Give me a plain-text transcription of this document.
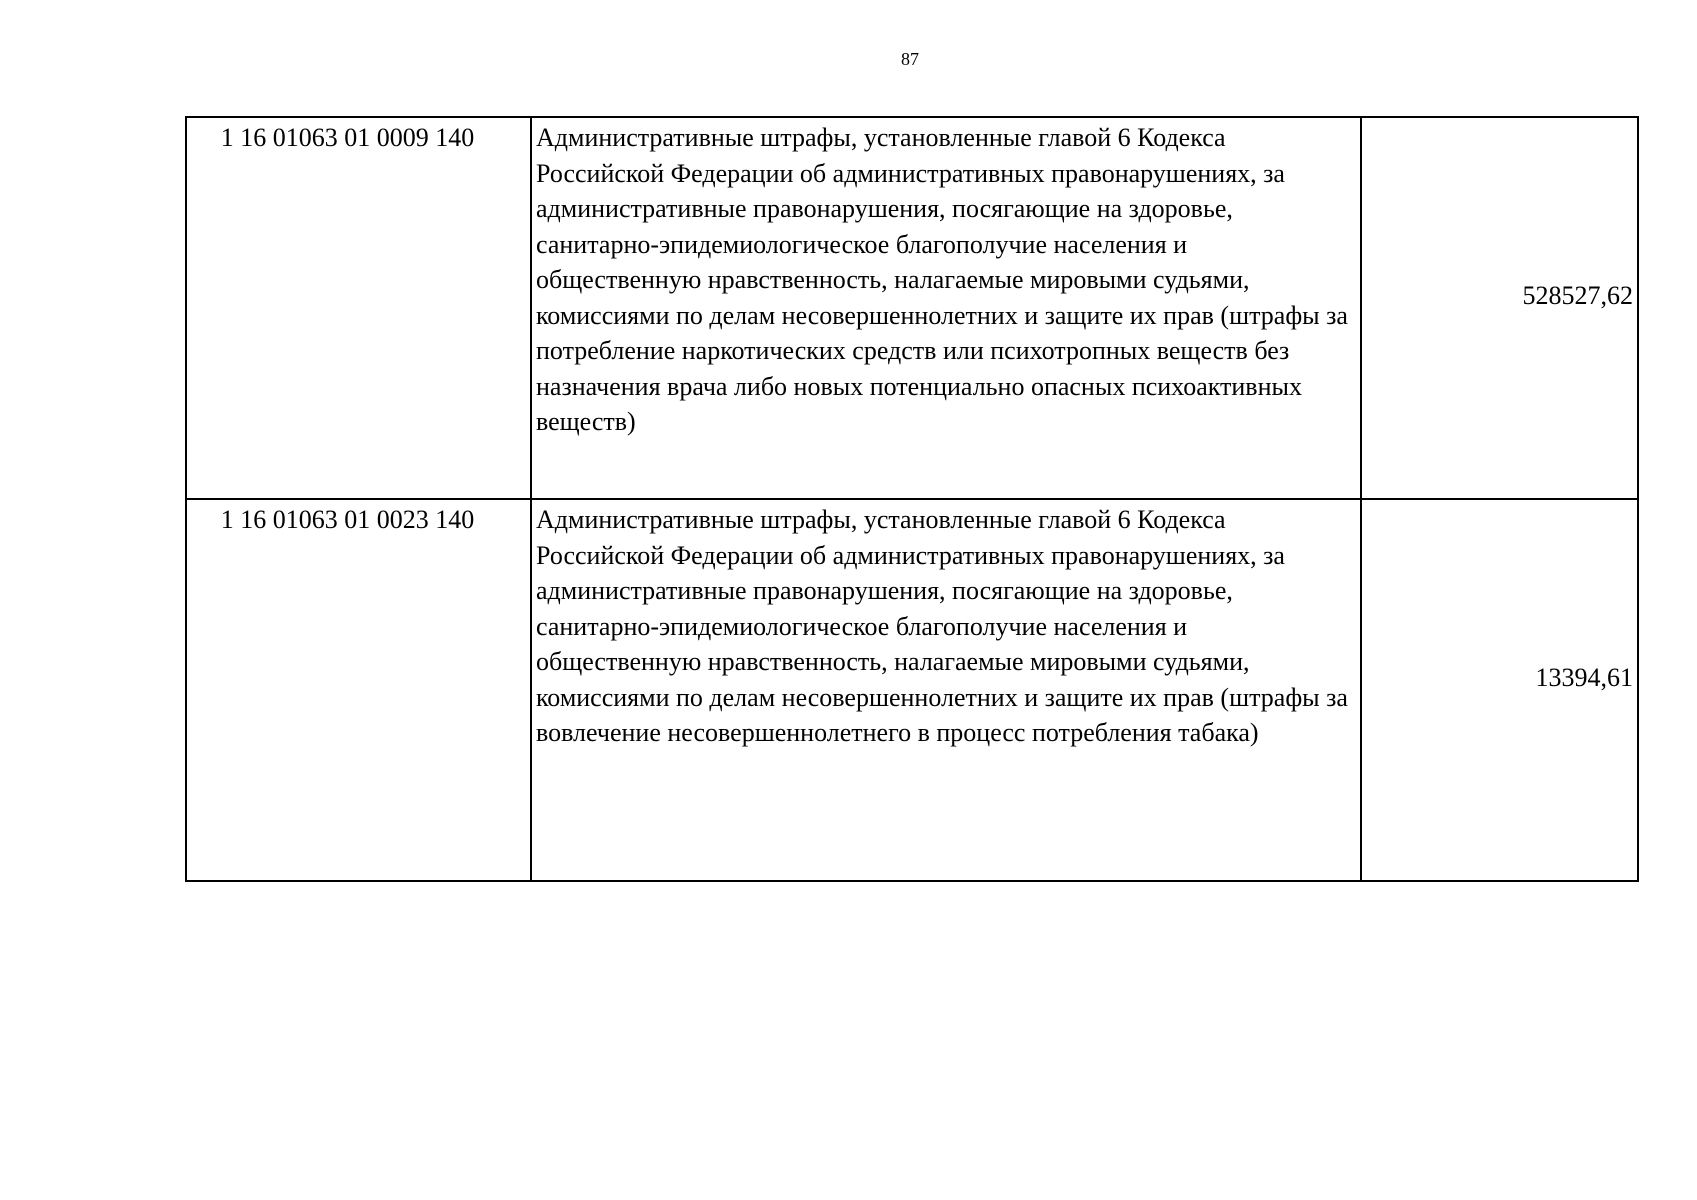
87
1 16 01063 01 0009 140	Административные штрафы, установленные главой 6 Кодекса Российской Федерации об административных правонарушениях, за административные правонарушения, посягающие на здоровье, санитарно-эпидемиологическое благополучие населения и общественную нравственность, налагаемые мировыми судьями, комиссиями по делам несовершеннолетних и защите их прав (штрафы за потребление наркотических средств или психотропных веществ без назначения врача либо новых потенциально опасных психоактивных веществ)	528527,62
1 16 01063 01 0023 140	Административные штрафы, установленные главой 6 Кодекса Российской Федерации об административных правонарушениях, за административные правонарушения, посягающие на здоровье, санитарно-эпидемиологическое благополучие населения и общественную нравственность, налагаемые мировыми судьями, комиссиями по делам несовершеннолетних и защите их прав (штрафы за вовлечение несовершеннолетнего в процесс потребления табака)	13394,61
